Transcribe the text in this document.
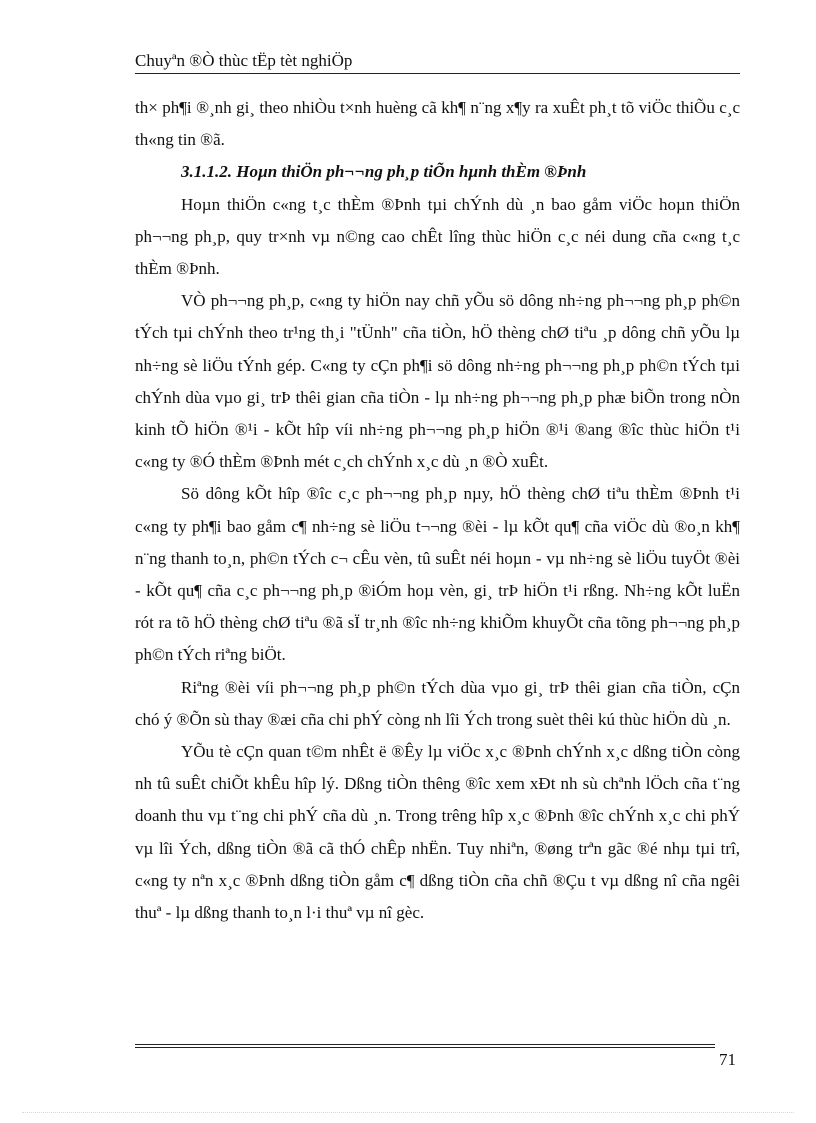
Chuyªn ®Ò thùc tËp tèt nghiÖp

th× ph¶i ®¸nh gi¸ theo nhiÒu t×nh huèng cã kh¶ n¨ng x¶y ra xuÊt ph¸t tõ viÖc thiÕu c¸c th«ng tin ®ã.

3.1.1.2. Hoµn thiÖn ph¬¬ng ph¸p tiÕn hµnh thÈm ®Þnh

Hoµn thiÖn c«ng t¸c thÈm ®Þnh tµi chÝnh dù ¸n bao gåm viÖc hoµn thiÖn ph¬¬ng ph¸p, quy tr×nh vµ n©ng cao chÊt lîng thùc hiÖn c¸c néi dung cña c«ng t¸c thÈm ®Þnh.

VÒ ph¬¬ng ph¸p, c«ng ty hiÖn nay chñ yÕu sö dông nh÷ng ph¬¬ng ph¸p ph©n tÝch tµi chÝnh theo tr¹ng th¸i "tÜnh" cña tiÒn, hÖ thèng chØ tiªu ¸p dông chñ yÕu lµ nh÷ng sè liÖu tÝnh gép. C«ng ty cÇn ph¶i sö dông nh÷ng ph¬¬ng ph¸p ph©n tÝch tµi chÝnh dùa vµo gi¸ trÞ thêi gian cña tiÒn - lµ nh÷ng ph¬¬ng ph¸p phæ biÕn trong nÒn kinh tÕ hiÖn ®¹i - kÕt hîp víi nh÷ng ph¬¬ng ph¸p hiÖn ®¹i ®ang ®îc thùc hiÖn t¹i c«ng ty ®Ó thÈm ®Þnh mét c¸ch chÝnh x¸c dù ¸n ®Ò xuÊt.

Sö dông kÕt hîp ®îc c¸c ph¬¬ng ph¸p nµy, hÖ thèng chØ tiªu thÈm ®Þnh t¹i c«ng ty ph¶i bao gåm c¶ nh÷ng sè liÖu t¬¬ng ®èi - lµ kÕt qu¶ cña viÖc dù ®o¸n kh¶ n¨ng thanh to¸n, ph©n tÝch c¬ cÊu vèn, tû suÊt néi hoµn - vµ nh÷ng sè liÖu tuyÖt ®èi - kÕt qu¶ cña c¸c ph¬¬ng ph¸p ®iÓm hoµ vèn, gi¸ trÞ hiÖn t¹i rßng. Nh÷ng kÕt luËn rót ra tõ hÖ thèng chØ tiªu ®ã sÏ tr¸nh ®îc nh÷ng khiÕm khuyÕt cña tõng ph¬¬ng ph¸p ph©n tÝch riªng biÖt.

Riªng ®èi víi ph¬¬ng ph¸p ph©n tÝch dùa vµo gi¸ trÞ thêi gian cña tiÒn, cÇn chó ý ®Õn sù thay ®æi cña chi phÝ còng nh lîi Ých trong suèt thêi kú thùc hiÖn dù ¸n.

YÕu tè cÇn quan t©m nhÊt ë ®Êy lµ viÖc x¸c ®Þnh chÝnh x¸c dßng tiÒn còng nh tû suÊt chiÕt khÊu hîp lý. Dßng tiÒn thêng ®îc xem xÐt nh sù chªnh lÖch cña t¨ng doanh thu vµ t¨ng chi phÝ cña dù ¸n. Trong trêng hîp x¸c ®Þnh ®îc chÝnh x¸c chi phÝ vµ lîi Ých, dßng tiÒn ®ã cã thÓ chÊp nhËn. Tuy nhiªn, ®øng trªn gãc ®é nhµ tµi trî, c«ng ty nªn x¸c ®Þnh dßng tiÒn gåm c¶ dßng tiÒn cña chñ ®Çu t vµ dßng nî cña ngêi thuª - lµ dßng thanh to¸n l·i thuª vµ nî gèc.

71
